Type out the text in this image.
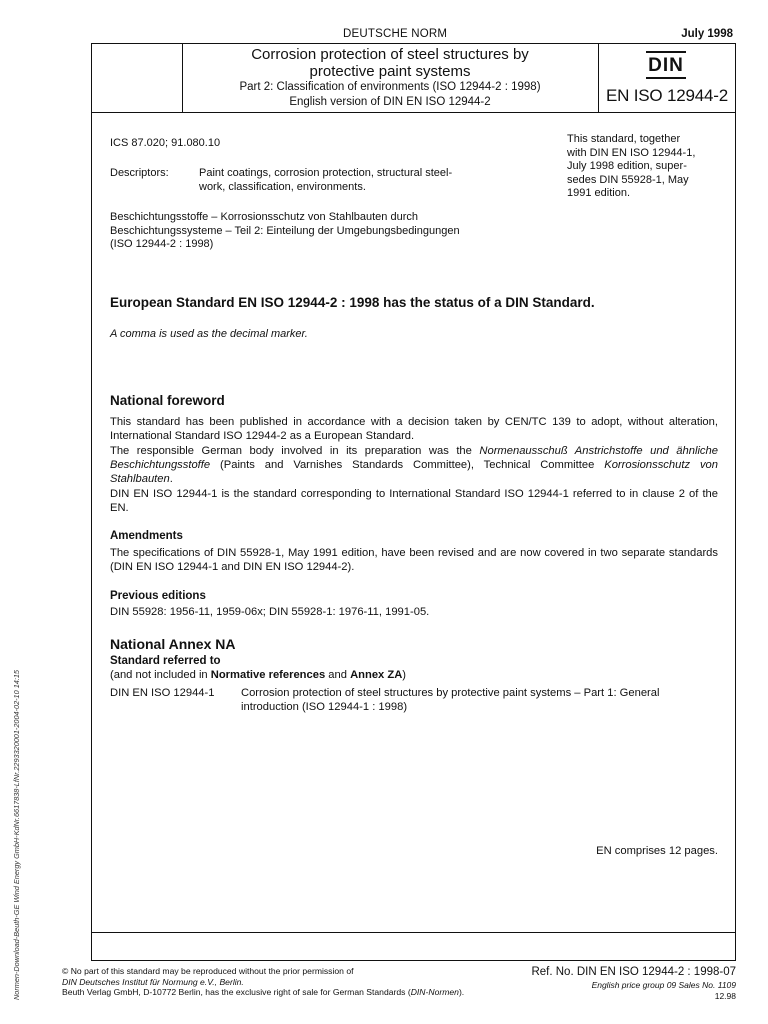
DEUTSCHE NORM	July 1998
Corrosion protection of steel structures by
protective paint systems
Part 2: Classification of environments (ISO 12944-2 : 1998)
English version of DIN EN ISO 12944-2
DIN
EN ISO 12944-2
ICS 87.020; 91.080.10
Descriptors:	Paint coatings, corrosion protection, structural steel-
work, classification, environments.
This standard, together
with DIN EN ISO 12944-1,
July 1998 edition, super-
sedes DIN 55928-1, May
1991 edition.
Beschichtungsstoffe – Korrosionsschutz von Stahlbauten durch
Beschichtungssysteme – Teil 2: Einteilung der Umgebungsbedingungen
(ISO 12944-2 : 1998)
European Standard EN ISO 12944-2 : 1998 has the status of a DIN Standard.
A comma is used as the decimal marker.
National foreword
This standard has been published in accordance with a decision taken by CEN/TC 139 to adopt, without alteration, International Standard ISO 12944-2 as a European Standard.
The responsible German body involved in its preparation was the Normenausschuß Anstrichstoffe und ähnliche Beschichtungsstoffe (Paints and Varnishes Standards Committee), Technical Committee Korrosionsschutz von Stahlbauten.
DIN EN ISO 12944-1 is the standard corresponding to International Standard ISO 12944-1 referred to in clause 2 of the EN.
Amendments
The specifications of DIN 55928-1, May 1991 edition, have been revised and are now covered in two separate standards (DIN EN ISO 12944-1 and DIN EN ISO 12944-2).
Previous editions
DIN 55928: 1956-11, 1959-06x; DIN 55928-1: 1976-11, 1991-05.
National Annex NA
Standard referred to
(and not included in Normative references and Annex ZA)
DIN EN ISO 12944-1 Corrosion protection of steel structures by protective paint systems – Part 1: General introduction (ISO 12944-1 : 1998)
EN comprises 12 pages.
© No part of this standard may be reproduced without the prior permission of
DIN Deutsches Institut für Normung e.V., Berlin.
Beuth Verlag GmbH, D-10772 Berlin, has the exclusive right of sale for German Standards (DIN-Normen).
Ref. No. DIN EN ISO 12944-2 : 1998-07
English price group 09 Sales No. 1109
12.98
Normen-Download-Beuth-GE Wind Energy GmbH-KdNr.6617838-LfNr.2293320001-2004-02-10 14:15
